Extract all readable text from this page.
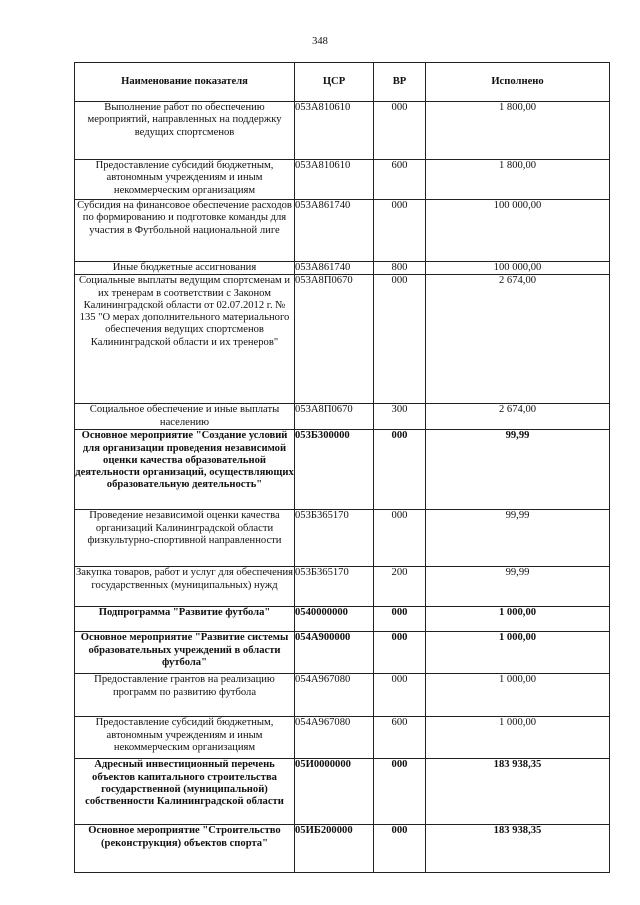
348
Наименование показателя	ЦСР	ВР	Исполнено
Выполнение работ по обеспечению мероприятий, направленных на поддержку ведущих спортсменов	053А810610	000	1 800,00
Предоставление субсидий бюджетным, автономным учреждениям и иным некоммерческим организациям	053А810610	600	1 800,00
Субсидия на финансовое обеспечение расходов по формированию и подготовке команды для участия в Футбольной национальной лиге	053А861740	000	100 000,00
Иные бюджетные ассигнования	053А861740	800	100 000,00
Социальные выплаты ведущим спортсменам и их тренерам в соответствии с Законом Калининградской области от 02.07.2012 г. № 135 "О мерах дополнительного материального обеспечения ведущих спортсменов Калининградской области и их тренеров"	053А8П0670	000	2 674,00
Социальное обеспечение и иные выплаты населению	053А8П0670	300	2 674,00
Основное мероприятие "Создание условий для организации проведения независимой оценки качества образовательной деятельности организаций, осуществляющих образовательную деятельность"	053Б300000	000	99,99
Проведение независимой оценки качества организаций Калининградской области физкультурно-спортивной направленности	053Б365170	000	99,99
Закупка товаров, работ и услуг для обеспечения государственных (муниципальных) нужд	053Б365170	200	99,99
Подпрограмма "Развитие футбола"	0540000000	000	1 000,00
Основное мероприятие "Развитие системы образовательных учреждений в области футбола"	054А900000	000	1 000,00
Предоставление грантов на реализацию программ по развитию футбола	054А967080	000	1 000,00
Предоставление субсидий бюджетным, автономным учреждениям и иным некоммерческим организациям	054А967080	600	1 000,00
Адресный инвестиционный перечень объектов капитального строительства государственной (муниципальной) собственности Калининградской области	05И0000000	000	183 938,35
Основное мероприятие "Строительство (реконструкция) объектов спорта"	05ИБ200000	000	183 938,35
